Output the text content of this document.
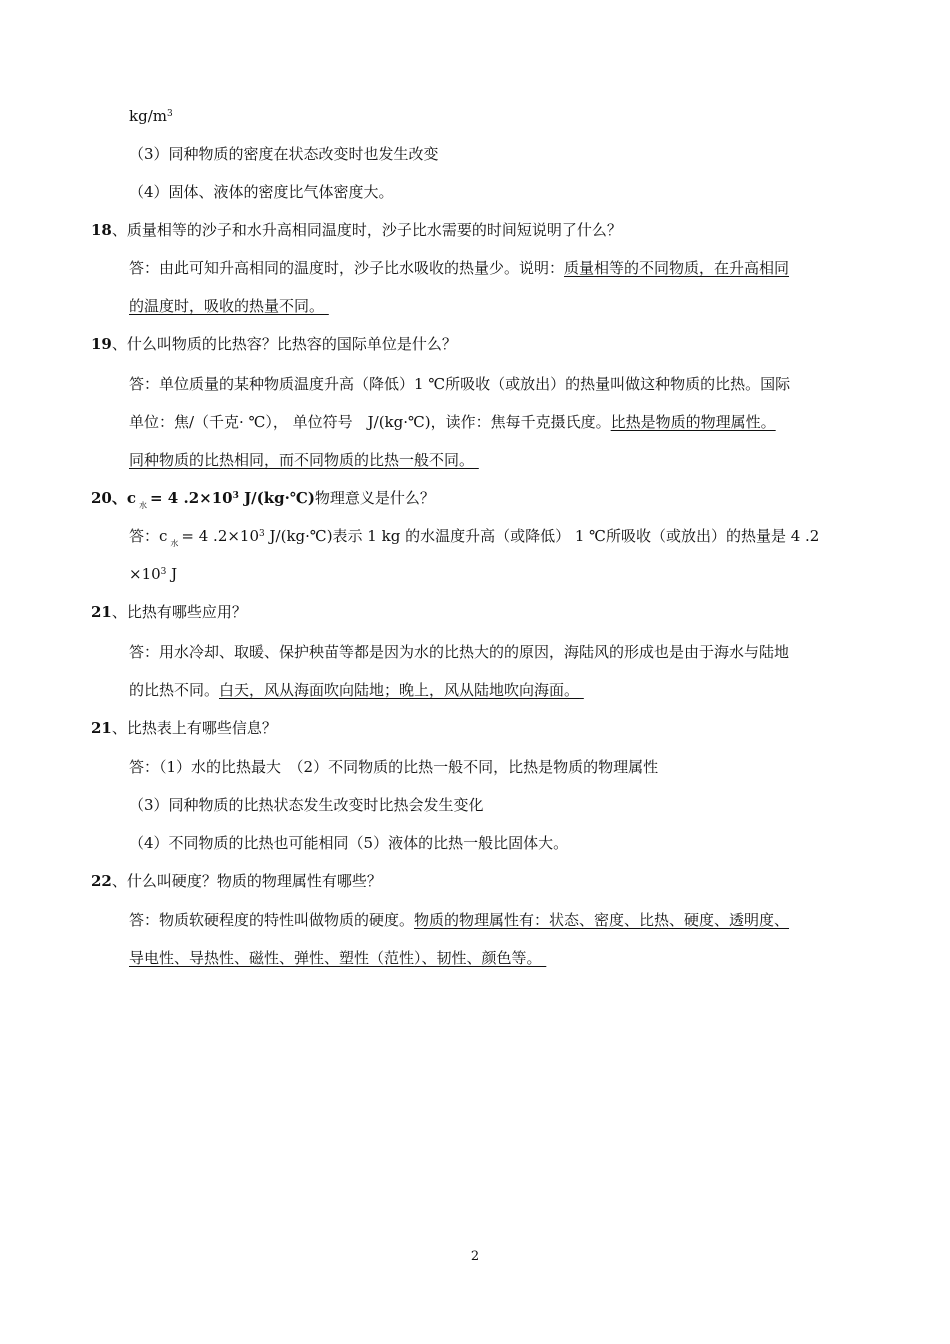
$kg/m^3$
（3）同种物质的密度在状态改变时也发生改变
（4）固体、液体的密度比气体密度大。
18、质量相等的沙子和水升高相同温度时，沙子比水需要的时间短说明了什么？
答：由此可知升高相同的温度时，沙子比水吸收的热量少。说明：质量相等的不同物质，在升高相同
的温度时，吸收的热量不同。
19、什么叫物质的比热容？比热容的国际单位是什么？
答：单位质量的某种物质温度升高（降低）1 ℃所吸收（或放出）的热量叫做这种物质的比热。国际
单位：焦/（千克· ℃）， 单位符号　J/(kg·℃)，读作：焦每千克摄氏度。比热是物质的物理属性。
同种物质的比热相同，而不同物质的比热一般不同。
20、c $_水$ = 4 $.2\times 10^3$ J/(kg·℃)物理意义是什么？
答：c $_水$ = 4 $.2\times 10^3$ J/(kg·℃)表示 1 kg 的水温度升高（或降低） 1 ℃所吸收（或放出）的热量是 4 .2
$\times 10^3$ J
21、比热有哪些应用？
答：用水冷却、取暖、保护秧苗等都是因为水的比热大的的原因，海陆风的形成也是由于海水与陆地
的比热不同。白天，风从海面吹向陆地；晚上，风从陆地吹向海面。
21、比热表上有哪些信息？
答：（1）水的比热最大　（2）不同物质的比热一般不同，比热是物质的物理属性
（3）同种物质的比热状态发生改变时比热会发生变化
（4）不同物质的比热也可能相同（5）液体的比热一般比固体大。
22、什么叫硬度？物质的物理属性有哪些？
答：物质软硬程度的特性叫做物质的硬度。物质的物理属性有：状态、密度、比热、硬度、透明度、
导电性、导热性、磁性、弹性、塑性（范性）、韧性、颜色等。
2
